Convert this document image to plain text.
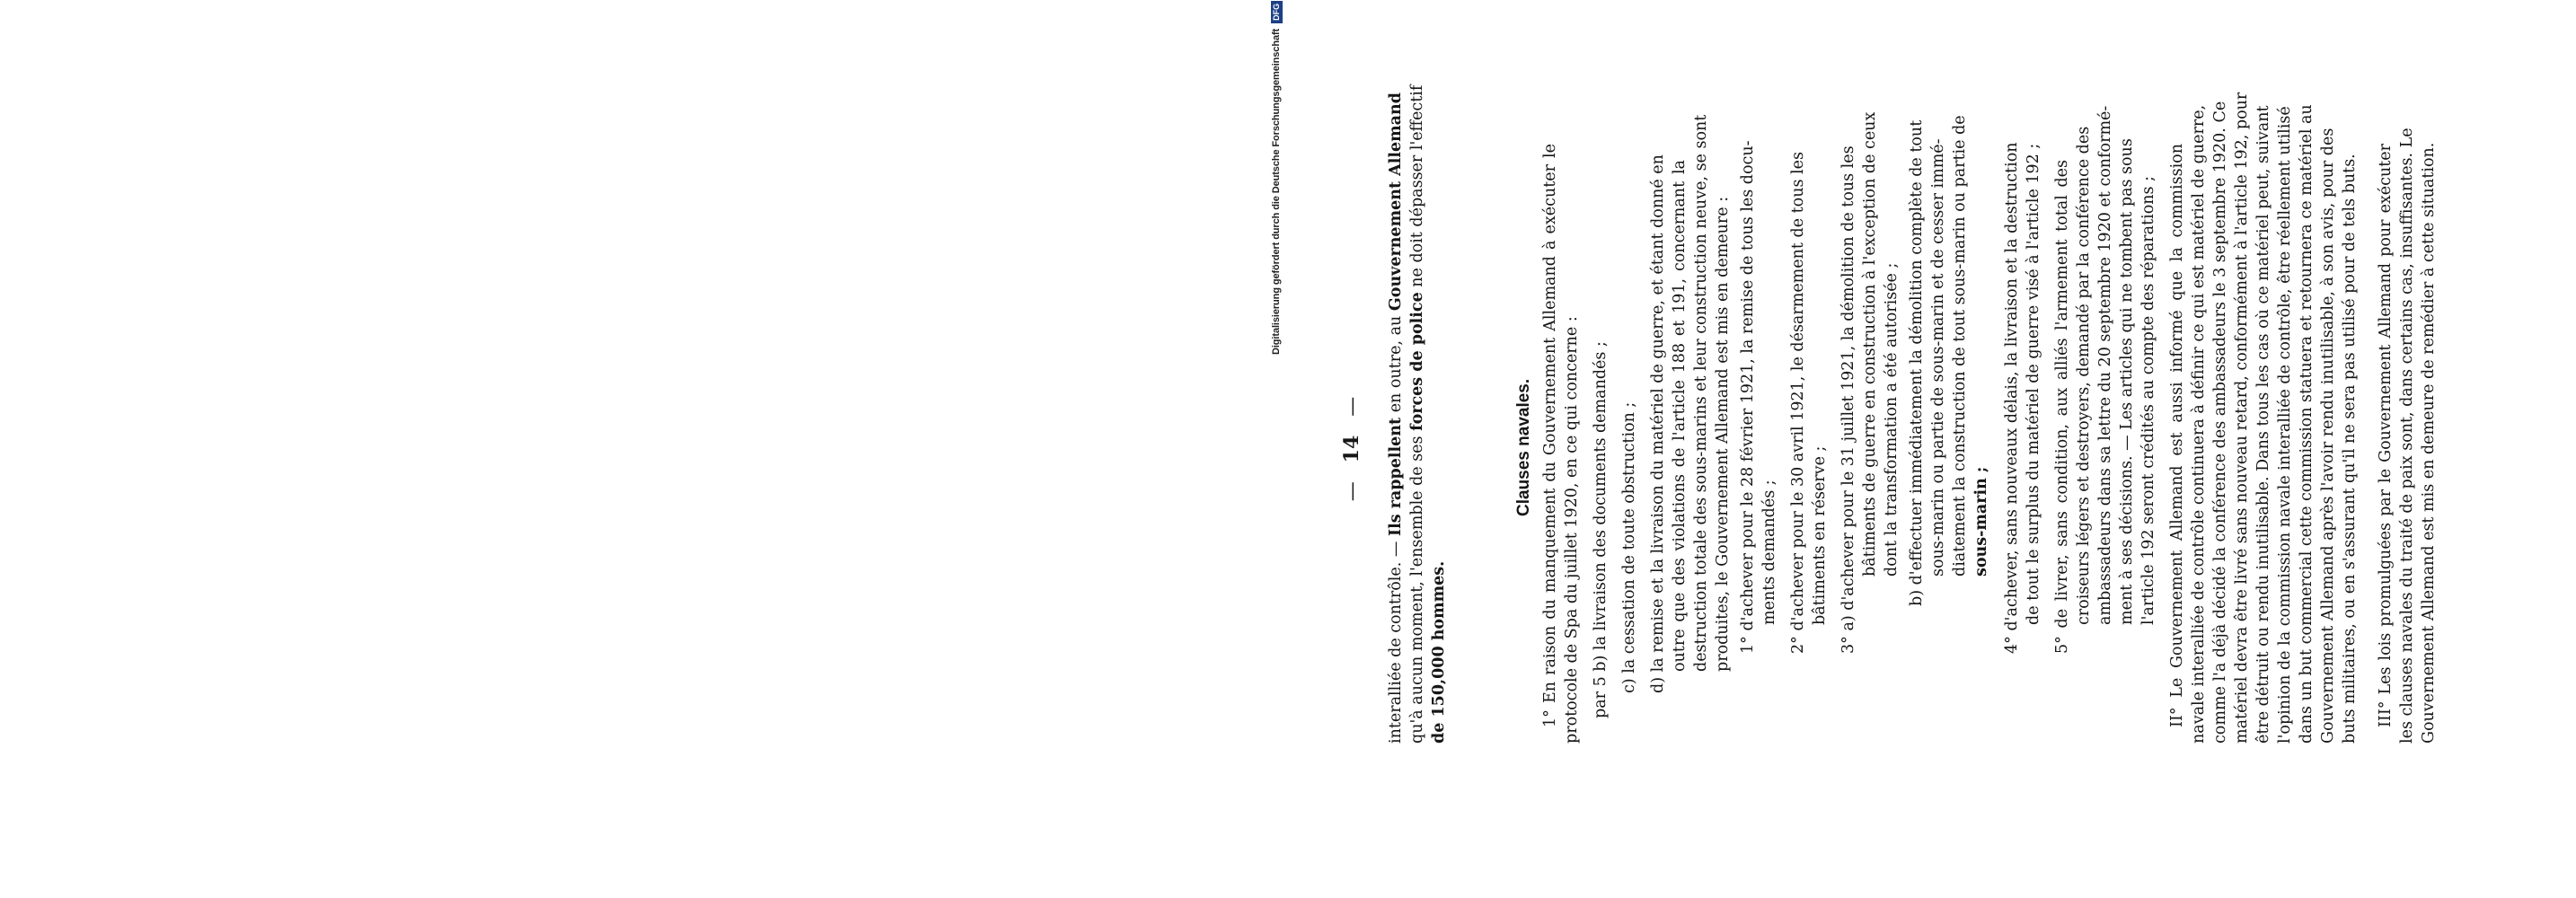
Digitalisierung gefördert durch die Deutsche Forschungsgemeinschaft
DFG
—   14   —
interalliée de contrôle. — Ils rappellent en outre, au Gouvernement Allemand
qu'à aucun moment, l'ensemble de ses forces de police ne doit dépasser l'effectif
de 150,000 hommes.
Clauses navales. 1° En raison du manquement du Gouvernement Allemand à exécuter le protocole de Spa du juillet 1920, en ce qui concerne : par 5 b) la livraison des documents demandés ; c) la cessation de toute obstruction ; d) la remise et la livraison du matériel de guerre, et étant donné en outre que des violations de l'article 188 et 191, concernant la destruction totale des sous-marins et leur construction neuve, se sont produites, le Gouvernement Allemand est mis en demeure : 1° d'achever pour le 28 février 1921, la remise de tous les docu- ments demandés ; 2° d'achever pour le 30 avril 1921, le désarmement de tous les bâtiments en réserve ; 3° a) d'achever pour le 31 juillet 1921, la démolition de tous les bâtiments de guerre en construction à l'exception de ceux dont la transformation a été autorisée ; b) d'effectuer immédiatement la démolition complète de tout sous-marin ou partie de sous-marin et de cesser immé- diatement la construction de tout sous-marin ou partie de sous-marin ; 4° d'achever, sans nouveaux délais, la livraison et la destruction de tout le surplus du matériel de guerre visé à l'article 192 ; 5° de livrer, sans condition, aux alliés l'armement total des croiseurs légers et destroyers, demandé par la conférence des ambassadeurs dans sa lettre du 20 septembre 1920 et conformé- ment à ses décisions. — Les articles qui ne tombent pas sous l'article 192 seront crédités au compte des réparations ; II° Le Gouvernement Allemand est aussi informé que la commission navale interalliée de contrôle continuera à définir ce qui est matériel de guerre, comme l'a déjà décidé la conférence des ambassadeurs le 3 septembre 1920. Ce matériel devra être livré sans nouveau retard, conformément à l'article 192, pour être détruit ou rendu inutilisable. Dans tous les cas où ce matériel peut, suivant l'opinion de la commission navale interalliée de contrôle, être réellement utilisé dans un but commercial cette commission statuera et retournera ce matériel au Gouvernement Allemand après l'avoir rendu inutilisable, à son avis, pour des buts militaires, ou en s'assurant qu'il ne sera pas utilisé pour de tels buts. III° Les lois promulguées par le Gouvernement Allemand pour exécuter les clauses navales du traité de paix sont, dans certains cas, insuffisantes. Le Gouvernement Allemand est mis en demeure de remédier à cette situation.
